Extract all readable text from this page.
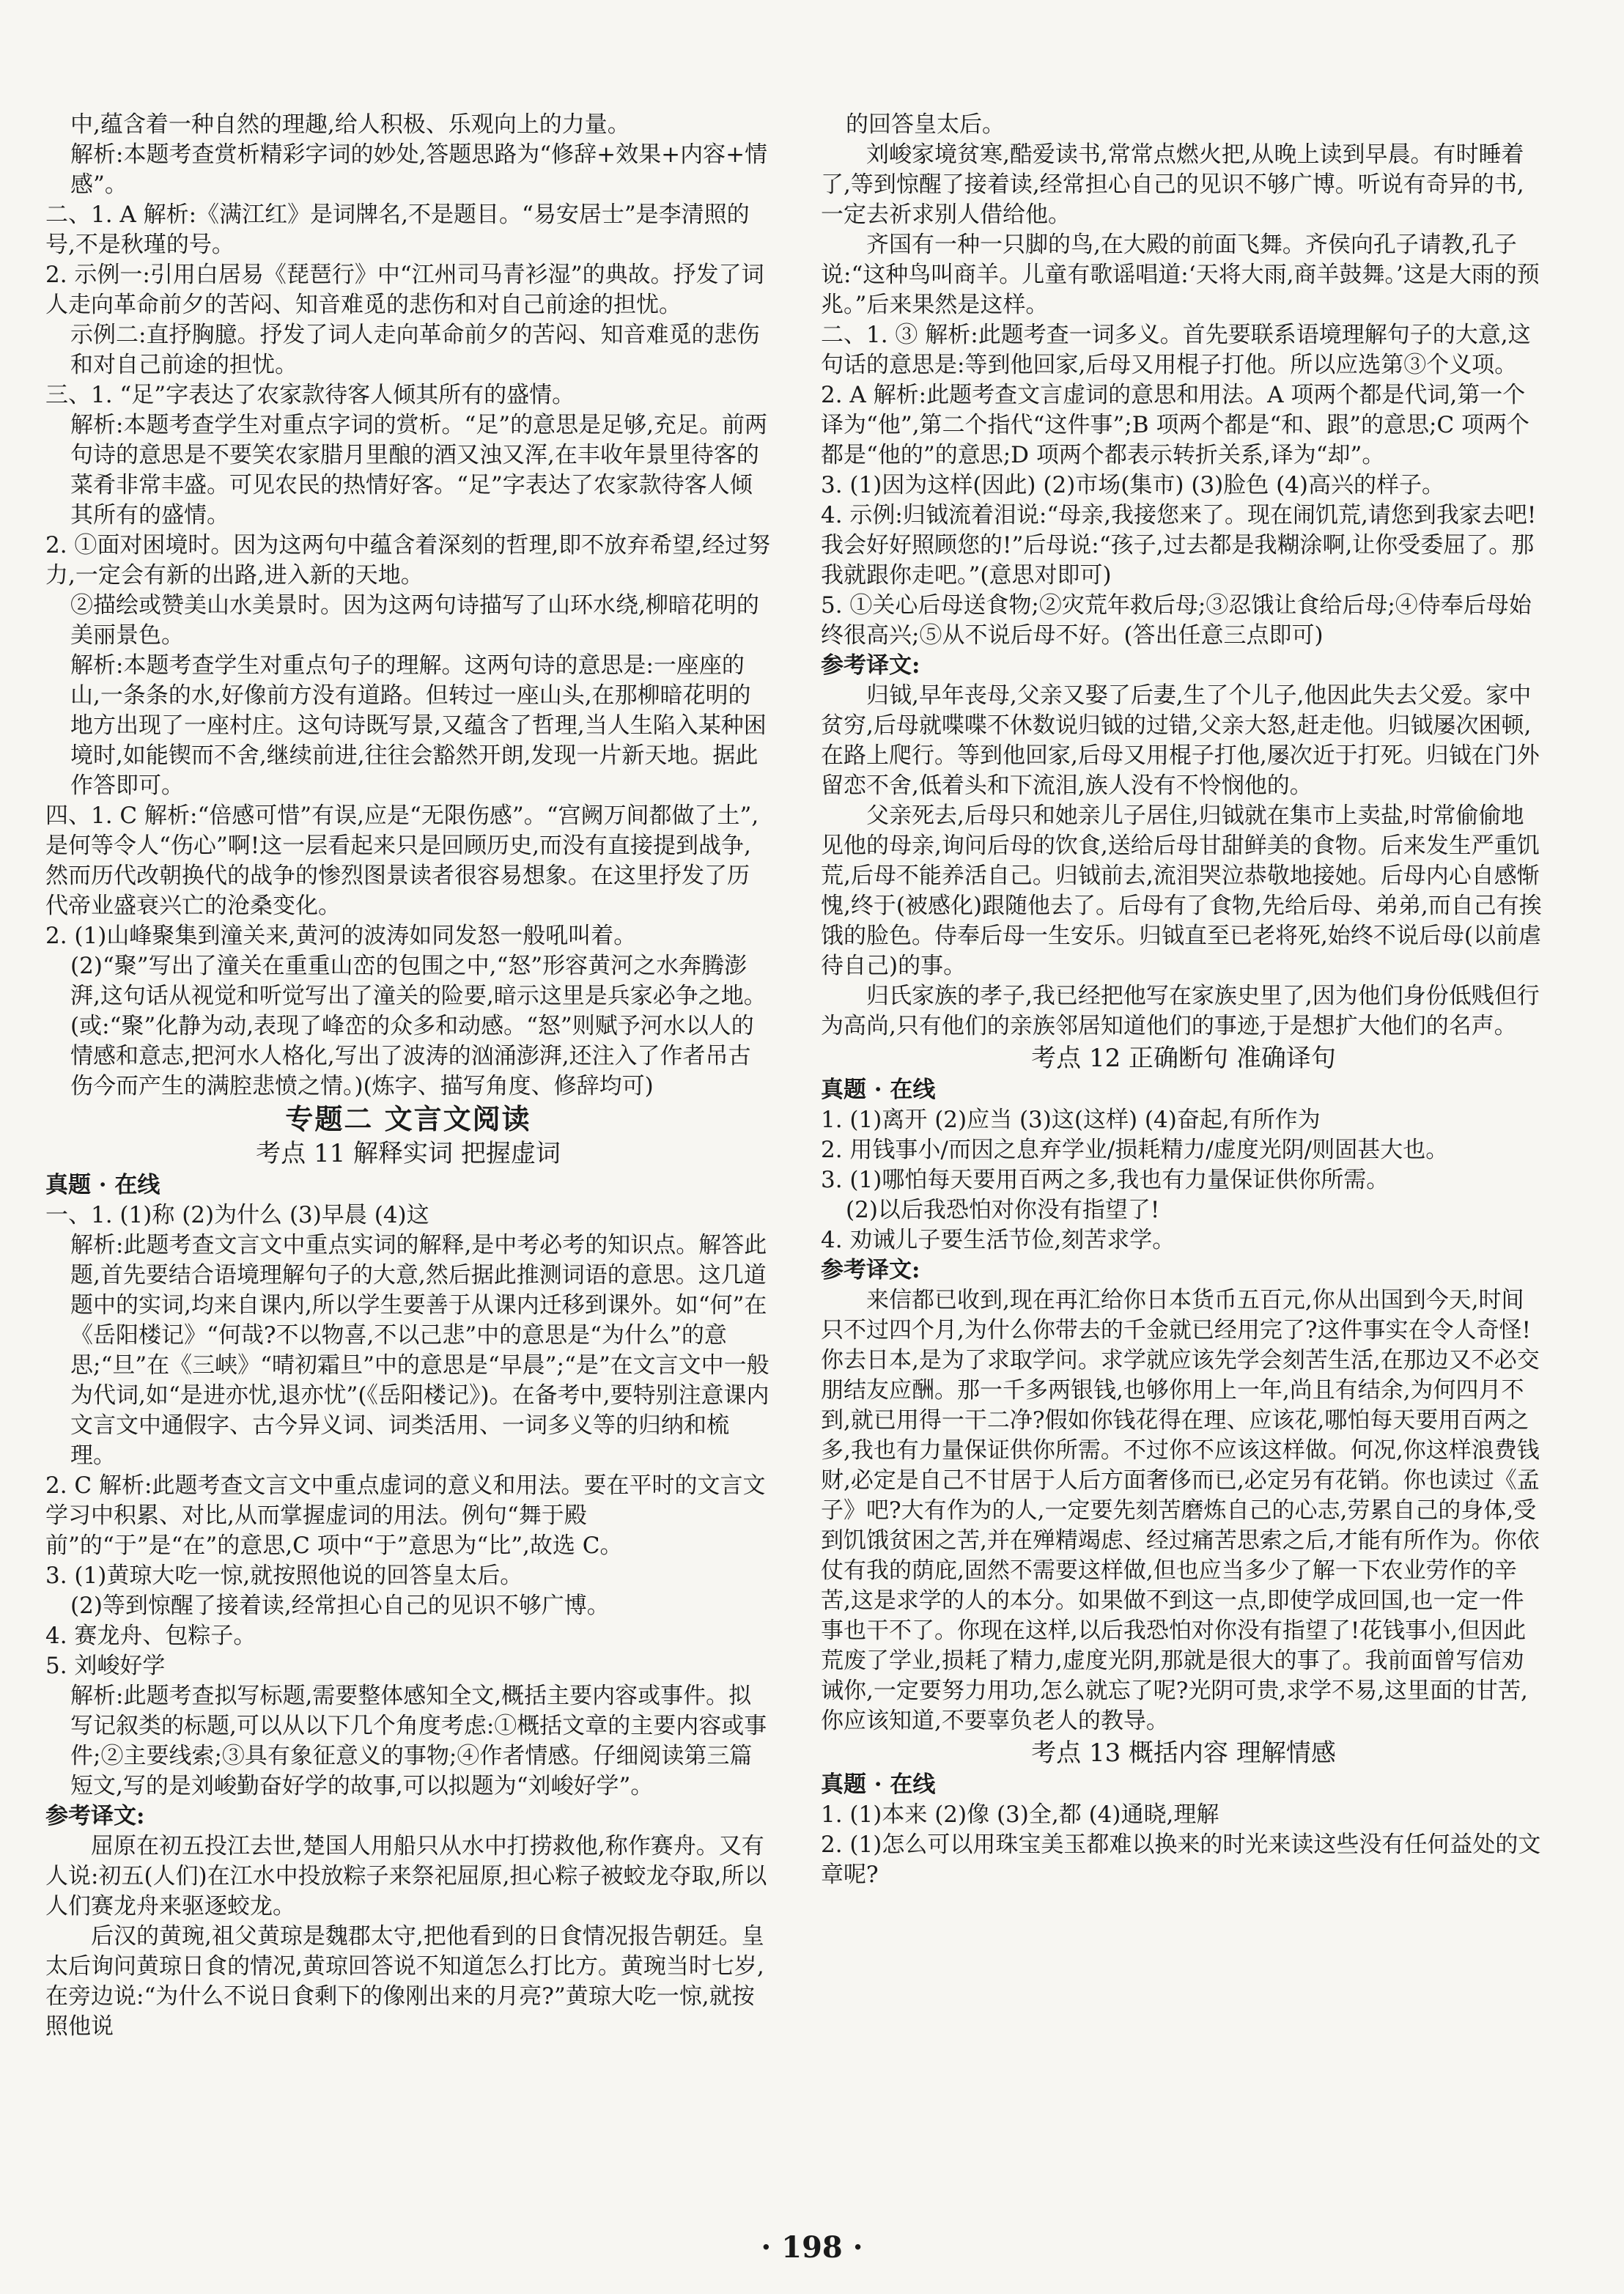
中,蕴含着一种自然的理趣,给人积极、乐观向上的力量。

解析:本题考查赏析精彩字词的妙处,答题思路为“修辞+效果+内容+情感”。

二、1. A 解析:《满江红》是词牌名,不是题目。“易安居士”是李清照的号,不是秋瑾的号。

2. 示例一:引用白居易《琵琶行》中“江州司马青衫湿”的典故。抒发了词人走向革命前夕的苦闷、知音难觅的悲伤和对自己前途的担忧。

示例二:直抒胸臆。抒发了词人走向革命前夕的苦闷、知音难觅的悲伤和对自己前途的担忧。

三、1. “足”字表达了农家款待客人倾其所有的盛情。

解析:本题考查学生对重点字词的赏析。“足”的意思是足够,充足。前两句诗的意思是不要笑农家腊月里酿的酒又浊又浑,在丰收年景里待客的菜肴非常丰盛。可见农民的热情好客。“足”字表达了农家款待客人倾其所有的盛情。

2. ①面对困境时。因为这两句中蕴含着深刻的哲理,即不放弃希望,经过努力,一定会有新的出路,进入新的天地。

②描绘或赞美山水美景时。因为这两句诗描写了山环水绕,柳暗花明的美丽景色。

解析:本题考查学生对重点句子的理解。这两句诗的意思是:一座座的山,一条条的水,好像前方没有道路。但转过一座山头,在那柳暗花明的地方出现了一座村庄。这句诗既写景,又蕴含了哲理,当人生陷入某种困境时,如能锲而不舍,继续前进,往往会豁然开朗,发现一片新天地。据此作答即可。

四、1. C 解析:“倍感可惜”有误,应是“无限伤感”。“宫阙万间都做了土”,是何等令人“伤心”啊!这一层看起来只是回顾历史,而没有直接提到战争,然而历代改朝换代的战争的惨烈图景读者很容易想象。在这里抒发了历代帝业盛衰兴亡的沧桑变化。

2. (1)山峰聚集到潼关来,黄河的波涛如同发怒一般吼叫着。

(2)“聚”写出了潼关在重重山峦的包围之中,“怒”形容黄河之水奔腾澎湃,这句话从视觉和听觉写出了潼关的险要,暗示这里是兵家必争之地。(或:“聚”化静为动,表现了峰峦的众多和动感。“怒”则赋予河水以人的情感和意志,把河水人格化,写出了波涛的汹涌澎湃,还注入了作者吊古伤今而产生的满腔悲愤之情。)(炼字、描写角度、修辞均可)

专题二 文言文阅读

考点 11 解释实词 把握虚词

真题 · 在线

一、1. (1)称 (2)为什么 (3)早晨 (4)这

解析:此题考查文言文中重点实词的解释,是中考必考的知识点。解答此题,首先要结合语境理解句子的大意,然后据此推测词语的意思。这几道题中的实词,均来自课内,所以学生要善于从课内迁移到课外。如“何”在《岳阳楼记》“何哉?不以物喜,不以己悲”中的意思是“为什么”的意思;“旦”在《三峡》“晴初霜旦”中的意思是“早晨”;“是”在文言文中一般为代词,如“是进亦忧,退亦忧”(《岳阳楼记》)。在备考中,要特别注意课内文言文中通假字、古今异义词、词类活用、一词多义等的归纳和梳理。

2. C 解析:此题考查文言文中重点虚词的意义和用法。要在平时的文言文学习中积累、对比,从而掌握虚词的用法。例句“舞于殿前”的“于”是“在”的意思,C 项中“于”意思为“比”,故选 C。

3. (1)黄琼大吃一惊,就按照他说的回答皇太后。

(2)等到惊醒了接着读,经常担心自己的见识不够广博。

4. 赛龙舟、包粽子。

5. 刘峻好学

解析:此题考查拟写标题,需要整体感知全文,概括主要内容或事件。拟写记叙类的标题,可以从以下几个角度考虑:①概括文章的主要内容或事件;②主要线索;③具有象征意义的事物;④作者情感。仔细阅读第三篇短文,写的是刘峻勤奋好学的故事,可以拟题为“刘峻好学”。

参考译文:

屈原在初五投江去世,楚国人用船只从水中打捞救他,称作赛舟。又有人说:初五(人们)在江水中投放粽子来祭祀屈原,担心粽子被蛟龙夺取,所以人们赛龙舟来驱逐蛟龙。

后汉的黄琬,祖父黄琼是魏郡太守,把他看到的日食情况报告朝廷。皇太后询问黄琼日食的情况,黄琼回答说不知道怎么打比方。黄琬当时七岁,在旁边说:“为什么不说日食剩下的像刚出来的月亮?”黄琼大吃一惊,就按照他说

的回答皇太后。

刘峻家境贫寒,酷爱读书,常常点燃火把,从晚上读到早晨。有时睡着了,等到惊醒了接着读,经常担心自己的见识不够广博。听说有奇异的书,一定去祈求别人借给他。

齐国有一种一只脚的鸟,在大殿的前面飞舞。齐侯向孔子请教,孔子说:“这种鸟叫商羊。儿童有歌谣唱道:‘天将大雨,商羊鼓舞。’这是大雨的预兆。”后来果然是这样。

二、1. ③ 解析:此题考查一词多义。首先要联系语境理解句子的大意,这句话的意思是:等到他回家,后母又用棍子打他。所以应选第③个义项。

2. A 解析:此题考查文言虚词的意思和用法。A 项两个都是代词,第一个译为“他”,第二个指代“这件事”;B 项两个都是“和、跟”的意思;C 项两个都是“他的”的意思;D 项两个都表示转折关系,译为“却”。

3. (1)因为这样(因此) (2)市场(集市) (3)脸色 (4)高兴的样子。

4. 示例:归钺流着泪说:“母亲,我接您来了。现在闹饥荒,请您到我家去吧!我会好好照顾您的!”后母说:“孩子,过去都是我糊涂啊,让你受委屈了。那我就跟你走吧。”(意思对即可)

5. ①关心后母送食物;②灾荒年救后母;③忍饿让食给后母;④侍奉后母始终很高兴;⑤从不说后母不好。(答出任意三点即可)

参考译文:

归钺,早年丧母,父亲又娶了后妻,生了个儿子,他因此失去父爱。家中贫穷,后母就喋喋不休数说归钺的过错,父亲大怒,赶走他。归钺屡次困顿,在路上爬行。等到他回家,后母又用棍子打他,屡次近于打死。归钺在门外留恋不舍,低着头和下流泪,族人没有不怜悯他的。

父亲死去,后母只和她亲儿子居住,归钺就在集市上卖盐,时常偷偷地见他的母亲,询问后母的饮食,送给后母甘甜鲜美的食物。后来发生严重饥荒,后母不能养活自己。归钺前去,流泪哭泣恭敬地接她。后母内心自感惭愧,终于(被感化)跟随他去了。后母有了食物,先给后母、弟弟,而自己有挨饿的脸色。侍奉后母一生安乐。归钺直至已老将死,始终不说后母(以前虐待自己)的事。

归氏家族的孝子,我已经把他写在家族史里了,因为他们身份低贱但行为高尚,只有他们的亲族邻居知道他们的事迹,于是想扩大他们的名声。

考点 12 正确断句 准确译句

真题 · 在线

1. (1)离开 (2)应当 (3)这(这样) (4)奋起,有所作为

2. 用钱事小/而因之息弃学业/损耗精力/虚度光阴/则固甚大也。

3. (1)哪怕每天要用百两之多,我也有力量保证供你所需。

(2)以后我恐怕对你没有指望了!

4. 劝诫儿子要生活节俭,刻苦求学。

参考译文:

来信都已收到,现在再汇给你日本货币五百元,你从出国到今天,时间只不过四个月,为什么你带去的千金就已经用完了?这件事实在令人奇怪!你去日本,是为了求取学问。求学就应该先学会刻苦生活,在那边又不必交朋结友应酬。那一千多两银钱,也够你用上一年,尚且有结余,为何四月不到,就已用得一干二净?假如你钱花得在理、应该花,哪怕每天要用百两之多,我也有力量保证供你所需。不过你不应该这样做。何况,你这样浪费钱财,必定是自己不甘居于人后方面奢侈而已,必定另有花销。你也读过《孟子》吧?大有作为的人,一定要先刻苦磨炼自己的心志,劳累自己的身体,受到饥饿贫困之苦,并在殚精竭虑、经过痛苦思索之后,才能有所作为。你依仗有我的荫庇,固然不需要这样做,但也应当多少了解一下农业劳作的辛苦,这是求学的人的本分。如果做不到这一点,即使学成回国,也一定一件事也干不了。你现在这样,以后我恐怕对你没有指望了!花钱事小,但因此荒废了学业,损耗了精力,虚度光阴,那就是很大的事了。我前面曾写信劝诫你,一定要努力用功,怎么就忘了呢?光阴可贵,求学不易,这里面的甘苦,你应该知道,不要辜负老人的教导。

考点 13 概括内容 理解情感

真题 · 在线

1. (1)本来 (2)像 (3)全,都 (4)通晓,理解

2. (1)怎么可以用珠宝美玉都难以换来的时光来读这些没有任何益处的文章呢?

· 198 ·
